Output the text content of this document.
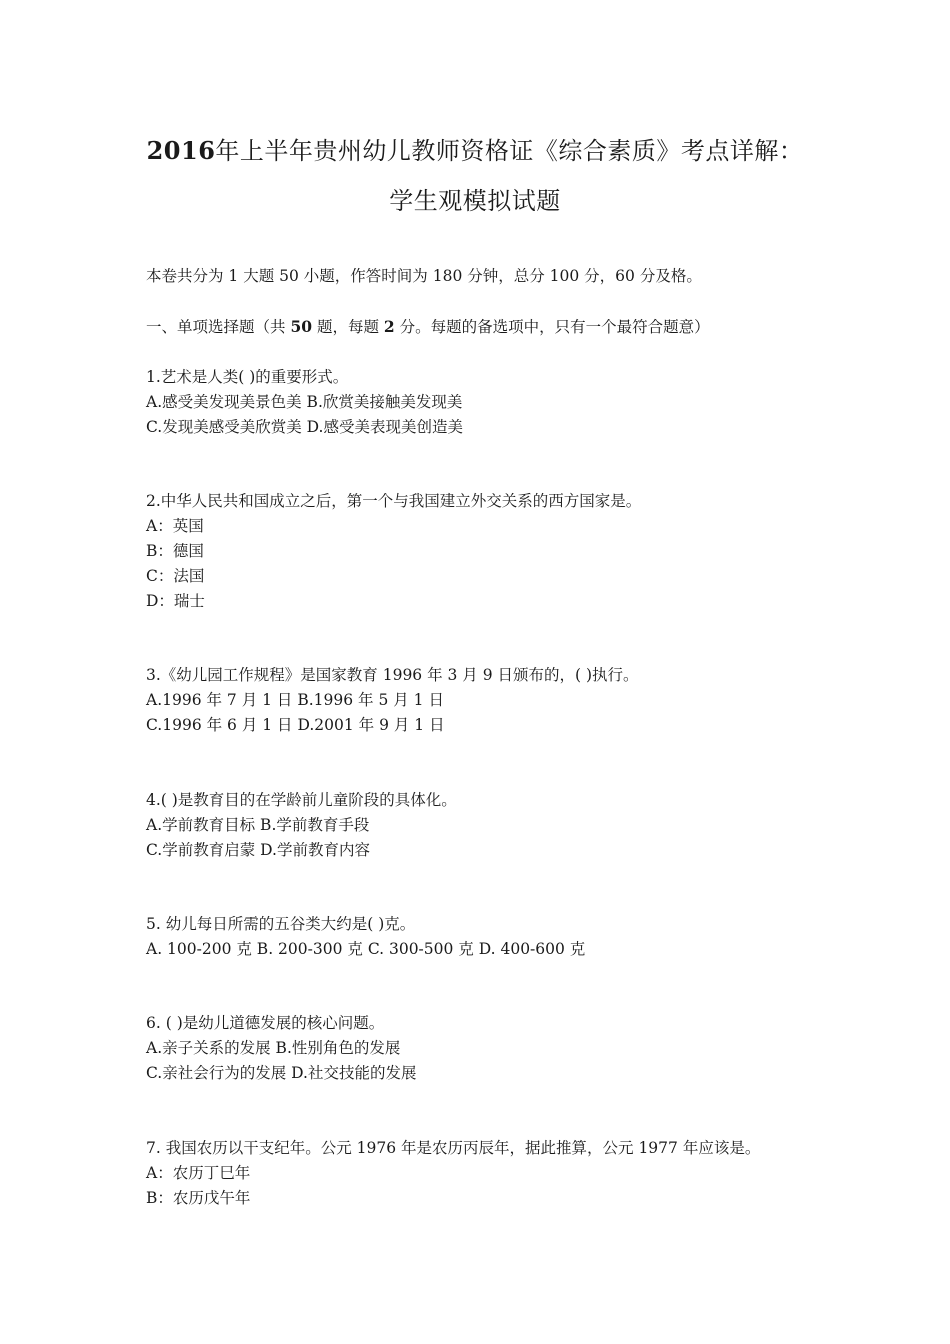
2016年上半年贵州幼儿教师资格证《综合素质》考点详解：
学生观模拟试题
本卷共分为 1 大题 50 小题，作答时间为 180 分钟，总分 100 分，60 分及格。
一、单项选择题（共 50 题，每题 2 分。每题的备选项中，只有一个最符合题意）
1.艺术是人类( )的重要形式。
A.感受美发现美景色美 B.欣赏美接触美发现美
C.发现美感受美欣赏美 D.感受美表现美创造美
2.中华人民共和国成立之后，第一个与我国建立外交关系的西方国家是。
A：英国
B：德国
C：法国
D：瑞士
3.《幼儿园工作规程》是国家教育 1996 年 3 月 9 日颁布的，( )执行。
A.1996 年 7 月 1 日 B.1996 年 5 月 1 日
C.1996 年 6 月 1 日 D.2001 年 9 月 1 日
4.( )是教育目的在学龄前儿童阶段的具体化。
A.学前教育目标 B.学前教育手段
C.学前教育启蒙 D.学前教育内容
5. 幼儿每日所需的五谷类大约是( )克。
A. 100-200 克 B. 200-300 克 C. 300-500 克 D. 400-600 克
6. ( )是幼儿道德发展的核心问题。
A.亲子关系的发展 B.性别角色的发展
C.亲社会行为的发展 D.社交技能的发展
7. 我国农历以干支纪年。公元 1976 年是农历丙辰年，据此推算，公元 1977 年应该是。
A：农历丁巳年
B：农历戊午年
